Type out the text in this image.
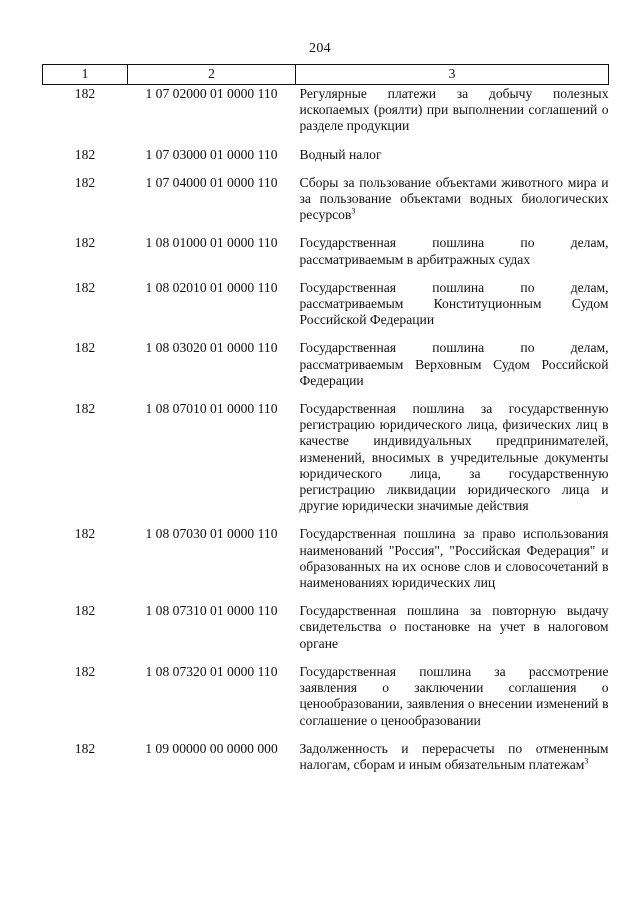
204
1	2	3
182	1 07 02000 01 0000 110	Регулярные платежи за добычу полезных ископаемых (роялти) при выполнении соглашений о разделе продукции
182	1 07 03000 01 0000 110	Водный налог
182	1 07 04000 01 0000 110	Сборы за пользование объектами животного мира и за пользование объектами водных биологических ресурсов$^3$
182	1 08 01000 01 0000 110	Государственная пошлина по делам, рассматриваемым в арбитражных судах
182	1 08 02010 01 0000 110	Государственная пошлина по делам, рассматриваемым Конституционным Судом Российской Федерации
182	1 08 03020 01 0000 110	Государственная пошлина по делам, рассматриваемым Верховным Судом Российской Федерации
182	1 08 07010 01 0000 110	Государственная пошлина за государственную регистрацию юридического лица, физических лиц в качестве индивидуальных предпринимателей, изменений, вносимых в учредительные документы юридического лица, за государственную регистрацию ликвидации юридического лица и другие юридически значимые действия
182	1 08 07030 01 0000 110	Государственная пошлина за право использования наименований "Россия", "Российская Федерация" и образованных на их основе слов и словосочетаний в наименованиях юридических лиц
182	1 08 07310 01 0000 110	Государственная пошлина за повторную выдачу свидетельства о постановке на учет в налоговом органе
182	1 08 07320 01 0000 110	Государственная пошлина за рассмотрение заявления о заключении соглашения о ценообразовании, заявления о внесении изменений в соглашение о ценообразовании
182	1 09 00000 00 0000 000	Задолженность и перерасчеты по отмененным налогам, сборам и иным обязательным платежам$^3$
